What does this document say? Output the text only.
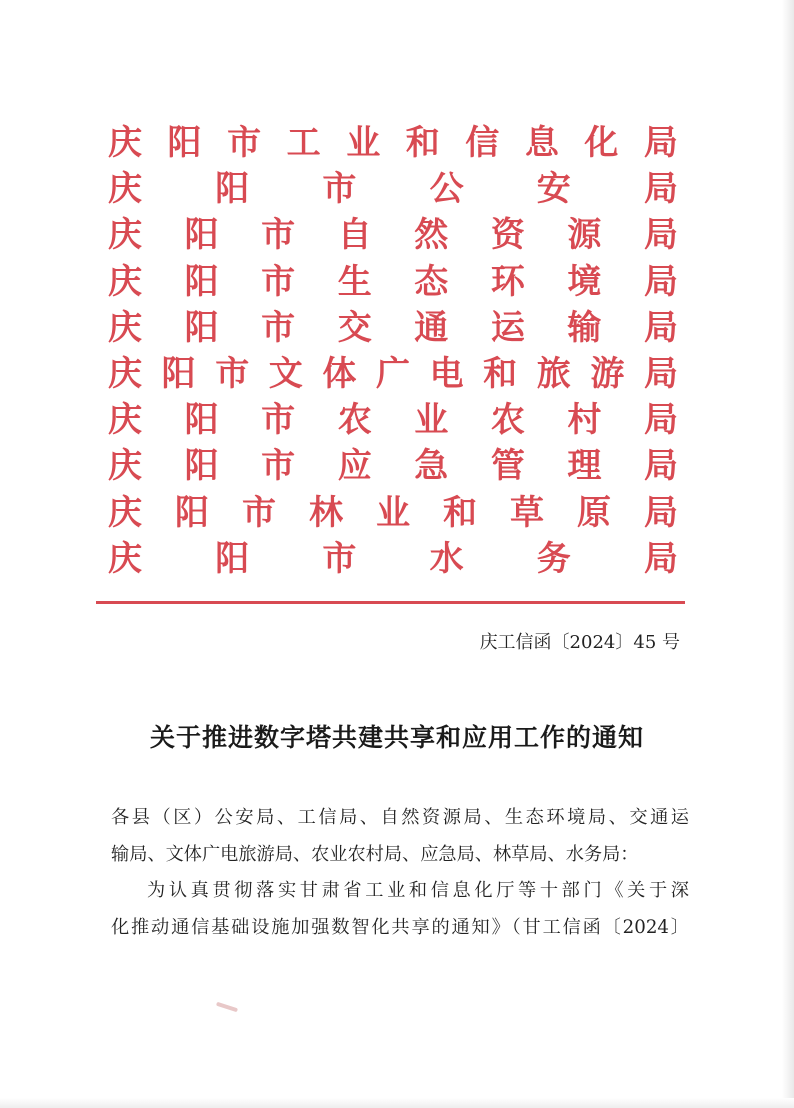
庆 阳 市 工 业 和 信 息 化 局
庆 阳 市 公 安 局
庆 阳 市 自 然 资 源 局
庆 阳 市 生 态 环 境 局
庆 阳 市 交 通 运 输 局
庆 阳 市 文 体 广 电 和 旅 游 局
庆 阳 市 农 业 农 村 局
庆 阳 市 应 急 管 理 局
庆 阳 市 林 业 和 草 原 局
庆 阳 市 水 务 局
庆工信函〔2024〕45 号
关于推进数字塔共建共享和应用工作的通知
各县（区）公安局、工信局、自然资源局、生态环境局、交通运
输局、文体广电旅游局、农业农村局、应急局、林草局、水务局：
为认真贯彻落实甘肃省工业和信息化厅等十部门《关于深
化推动通信基础设施加强数智化共享的通知》（甘工信函〔2024〕
